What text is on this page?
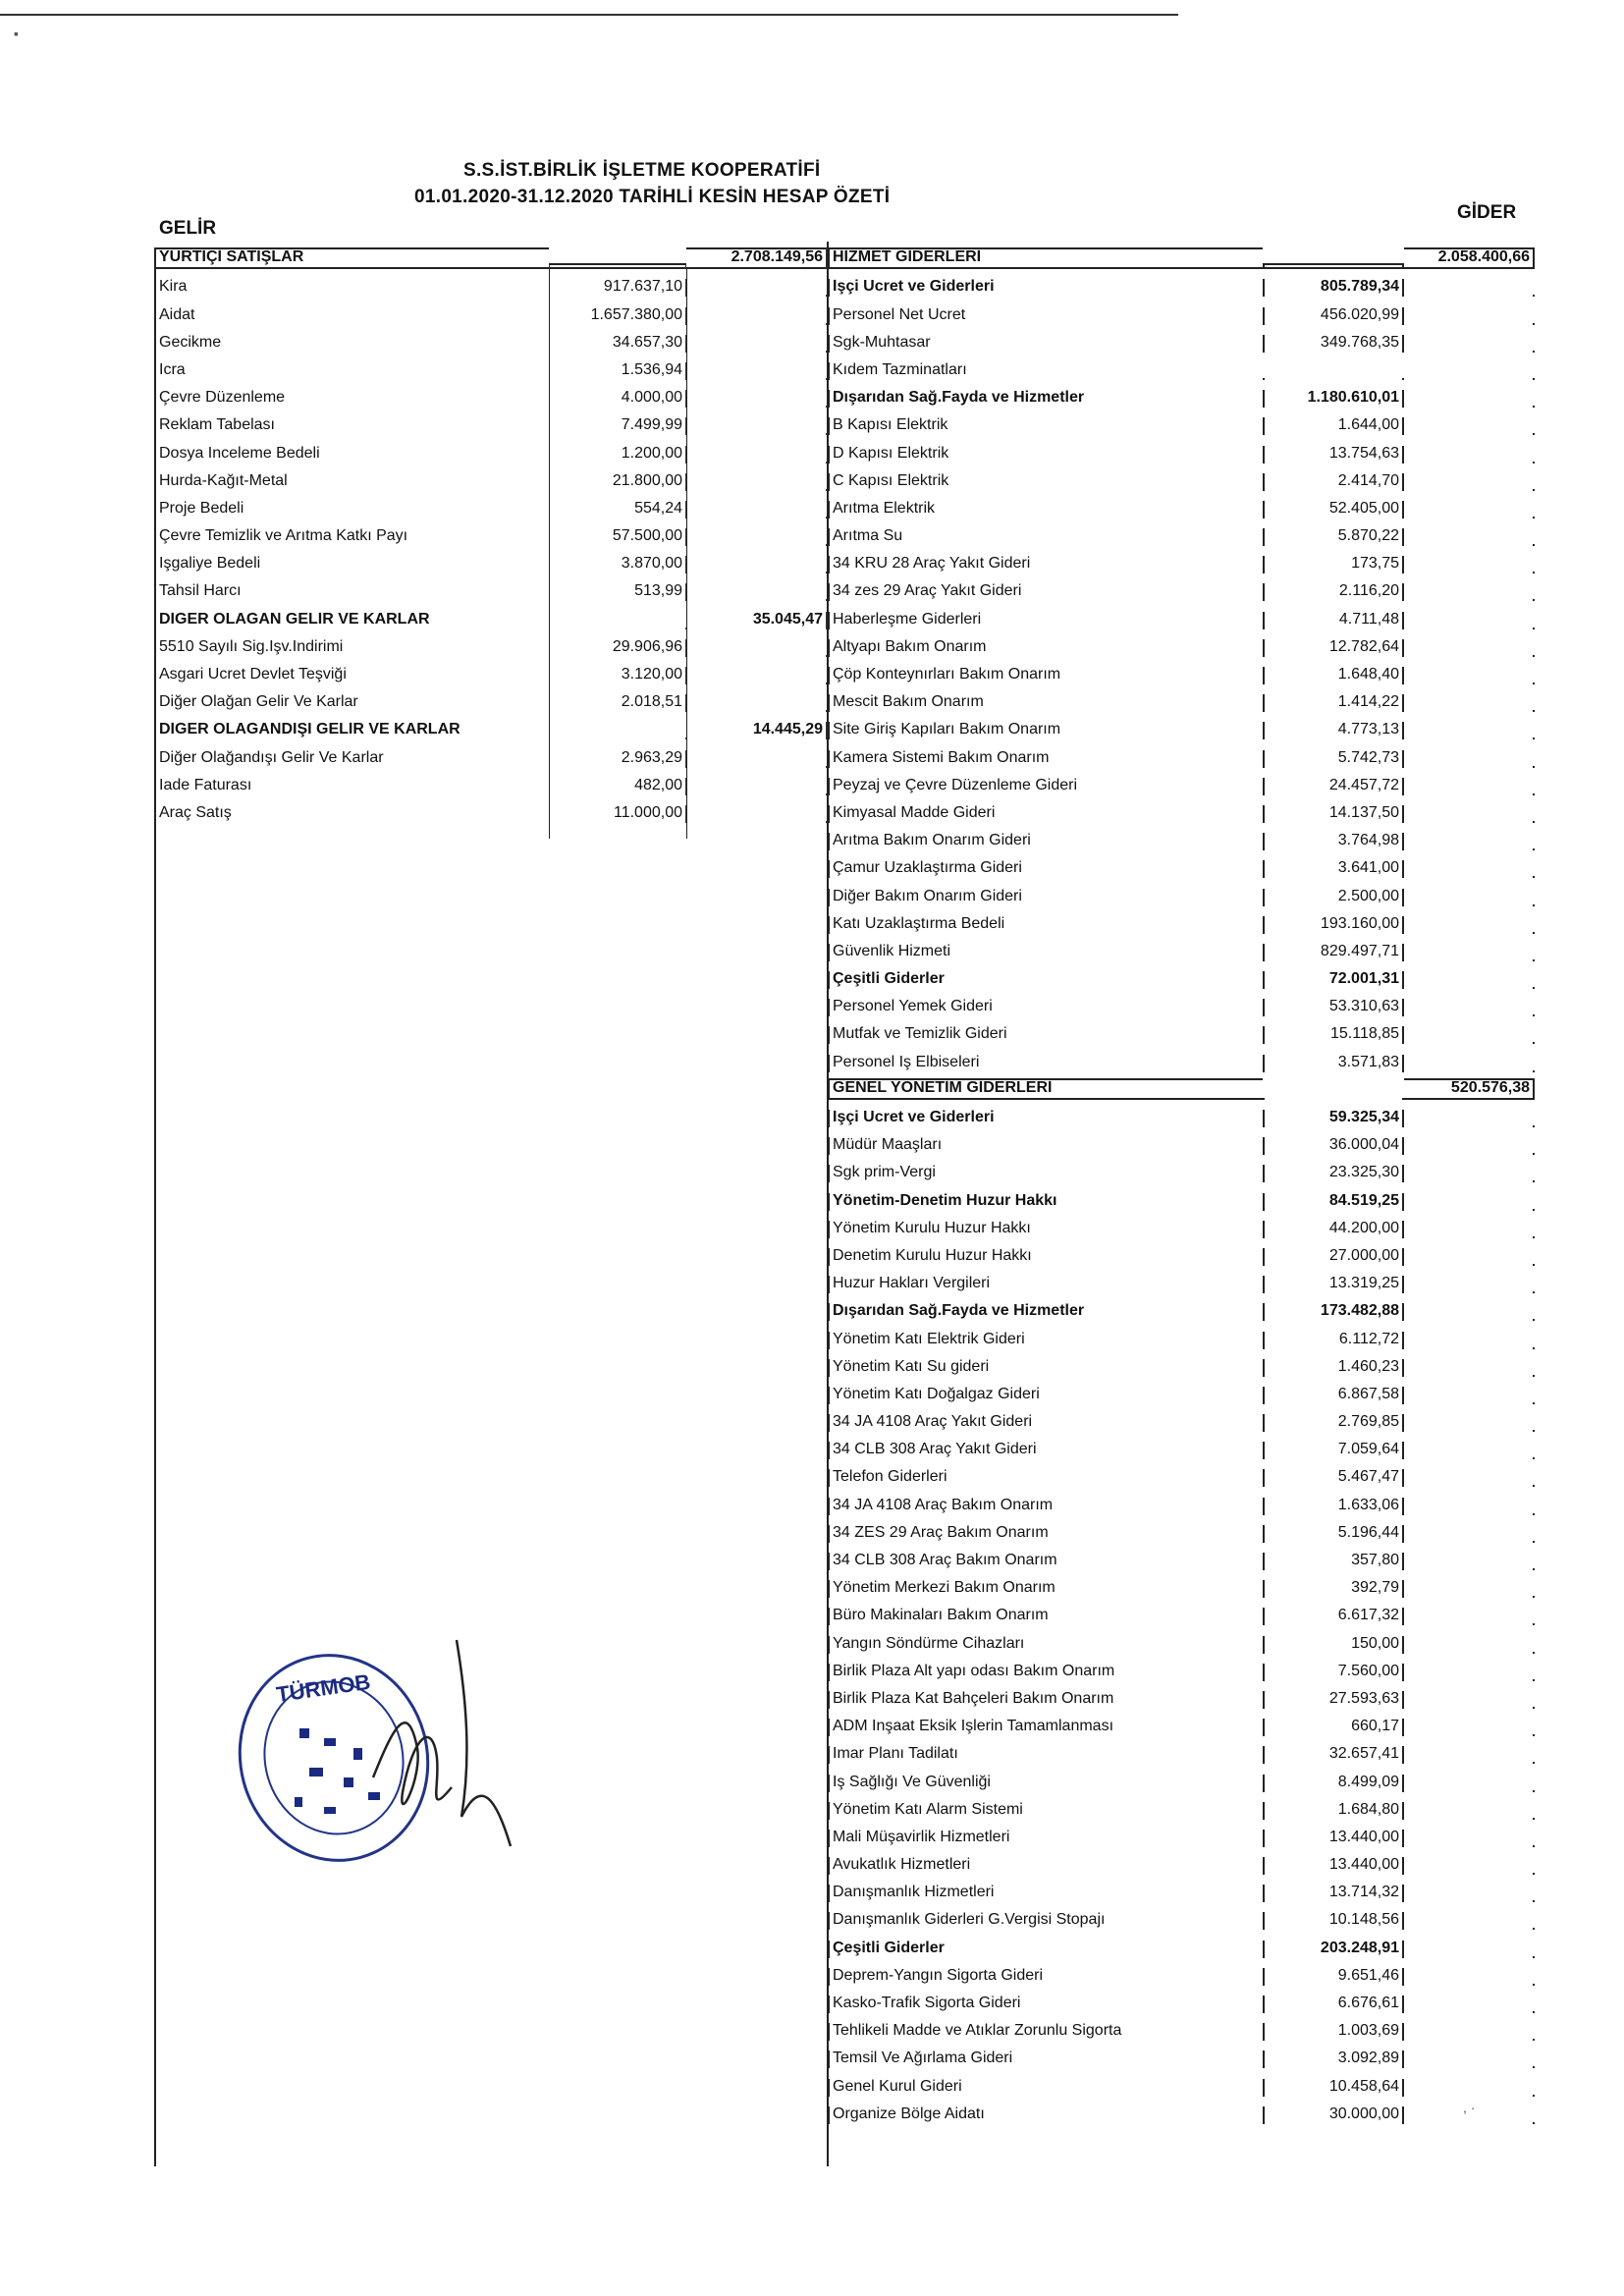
S.S.İST.BİRLİK İŞLETME KOOPERATİFİ
01.01.2020-31.12.2020 TARİHLİ KESİN HESAP ÖZETİ
GELİR
GİDER
YURTİÇİ SATIŞLAR	2.708.149,56
Kira	917.637,10
Aidat	1.657.380,00
Gecikme	34.657,30
İcra	1.536,94
Çevre Düzenleme	4.000,00
Reklam Tabelası	7.499,99
Dosya İnceleme Bedeli	1.200,00
Hurda-Kağıt-Metal	21.800,00
Proje Bedeli	554,24
Çevre Temizlik ve Arıtma Katkı Payı	57.500,00
İşgaliye Bedeli	3.870,00
Tahsil Harcı	513,99
DİĞER OLAĞAN GELİR VE KARLAR	35.045,47
5510 Sayılı Sig.İşv.İndirimi	29.906,96
Asgari Ücret Devlet Teşviği	3.120,00
Diğer Olağan Gelir Ve Karlar	2.018,51
DİĞER OLAĞANDIŞI GELİR VE KARLAR	14.445,29
Diğer Olağandışı Gelir Ve Karlar	2.963,29
İade Faturası	482,00
Araç Satış	11.000,00
HİZMET GİDERLERİ	2.058.400,66
İşçi Ücret ve Giderleri	805.789,34
Personel Net Ücret	456.020,99
Sgk-Muhtasar	349.768,35
Kıdem Tazminatları
Dışarıdan Sağ.Fayda ve Hizmetler	1.180.610,01
B Kapısı Elektrik	1.644,00
D Kapısı Elektrik	13.754,63
C Kapısı Elektrik	2.414,70
Arıtma Elektrik	52.405,00
Arıtma Su	5.870,22
34 KRU 28 Araç Yakıt Gideri	173,75
34 zes 29 Araç Yakıt Gideri	2.116,20
Haberleşme Giderleri	4.711,48
Altyapı Bakım Onarım	12.782,64
Çöp Konteynırları Bakım Onarım	1.648,40
Mescit Bakım Onarım	1.414,22
Site Giriş Kapıları Bakım Onarım	4.773,13
Kamera Sistemi Bakım Onarım	5.742,73
Peyzaj ve Çevre Düzenleme Gideri	24.457,72
Kimyasal Madde Gideri	14.137,50
Arıtma Bakım Onarım Gideri	3.764,98
Çamur Uzaklaştırma Gideri	3.641,00
Diğer Bakım Onarım Gideri	2.500,00
Katı Uzaklaştırma Bedeli	193.160,00
Güvenlik Hizmeti	829.497,71
Çeşitli Giderler	72.001,31
Personel Yemek Gideri	53.310,63
Mutfak ve Temizlik Gideri	15.118,85
Personel İş Elbiseleri	3.571,83
GENEL YÖNETİM GİDERLERİ	520.576,38
İşçi Ücret ve Giderleri	59.325,34
Müdür Maaşları	36.000,04
Sgk prim-Vergi	23.325,30
Yönetim-Denetim Huzur Hakkı	84.519,25
Yönetim Kurulu Huzur Hakkı	44.200,00
Denetim Kurulu Huzur Hakkı	27.000,00
Huzur Hakları Vergileri	13.319,25
Dışarıdan Sağ.Fayda ve Hizmetler	173.482,88
Yönetim Katı Elektrik Gideri	6.112,72
Yönetim Katı Su gideri	1.460,23
Yönetim Katı Doğalgaz Gideri	6.867,58
34 JA 4108 Araç Yakıt Gideri	2.769,85
34 CLB 308 Araç Yakıt Gideri	7.059,64
Telefon Giderleri	5.467,47
34 JA 4108 Araç Bakım Onarım	1.633,06
34 ZES 29 Araç Bakım Onarım	5.196,44
34 CLB 308 Araç Bakım Onarım	357,80
Yönetim Merkezi Bakım Onarım	392,79
Büro Makinaları Bakım Onarım	6.617,32
Yangın Söndürme Cihazları	150,00
Birlik Plaza Alt yapı odası Bakım Onarım	7.560,00
Birlik Plaza Kat Bahçeleri Bakım Onarım	27.593,63
ADM İnşaat Eksik İşlerin Tamamlanması	660,17
İmar Planı Tadilatı	32.657,41
İş Sağlığı Ve Güvenliği	8.499,09
Yönetim Katı Alarm Sistemi	1.684,80
Mali Müşavirlik Hizmetleri	13.440,00
Avukatlık Hizmetleri	13.440,00
Danışmanlık Hizmetleri	13.714,32
Danışmanlık Giderleri G.Vergisi Stopajı	10.148,56
Çeşitli Giderler	203.248,91
Deprem-Yangın Sigorta Gideri	9.651,46
Kasko-Trafik Sigorta Gideri	6.676,61
Tehlikeli Madde ve Atıklar Zorunlu Sigorta	1.003,69
Temsil Ve Ağırlama Gideri	3.092,89
Genel Kurul Gideri	10.458,64
Organize Bölge Aidatı	30.000,00
TÜRMOB
, ·
▪
